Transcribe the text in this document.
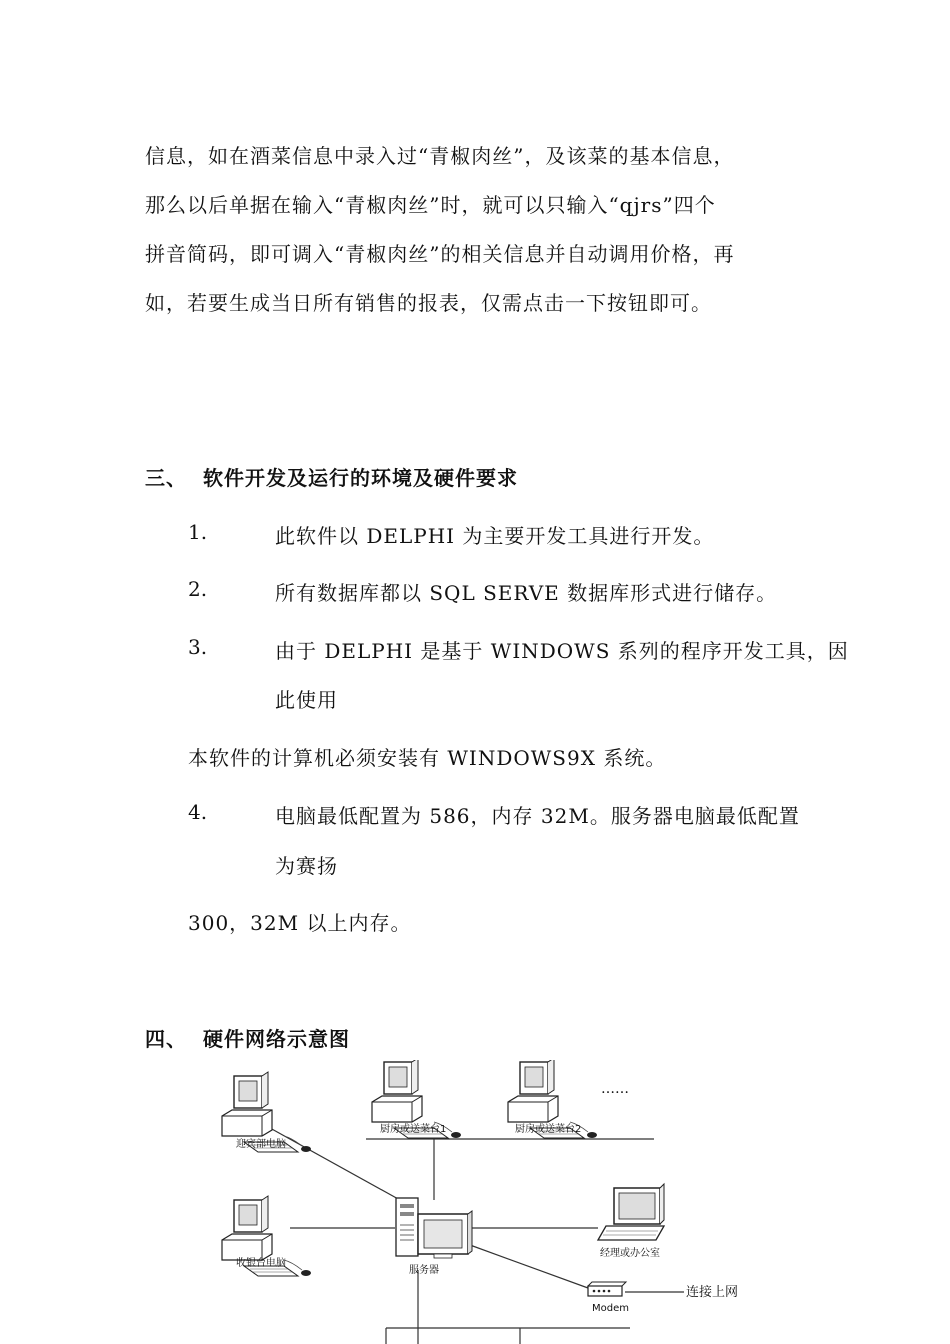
信息，如在酒菜信息中录入过“青椒肉丝”，及该菜的基本信息，
那么以后单据在输入“青椒肉丝”时，就可以只输入“qjrs”四个
拼音简码，即可调入“青椒肉丝”的相关信息并自动调用价格，再
如，若要生成当日所有销售的报表，仅需点击一下按钮即可。
三、 软件开发及运行的环境及硬件要求
1.	此软件以 DELPHI 为主要开发工具进行开发。
2.	所有数据库都以 SQL SERVE 数据库形式进行储存。
3.	由于 DELPHI 是基于 WINDOWS 系列的程序开发工具，因
此使用
本软件的计算机必须安装有 WINDOWS9X 系统。
4.	电脑最低配置为 586，内存 32M。服务器电脑最低配置
为赛扬
300，32M 以上内存。
四、 硬件网络示意图
迎宾部电脑
厨房或送菜台1	厨房或送菜台2
……
收银台电脑
服务器
经理或办公室
Modem
连接上网
